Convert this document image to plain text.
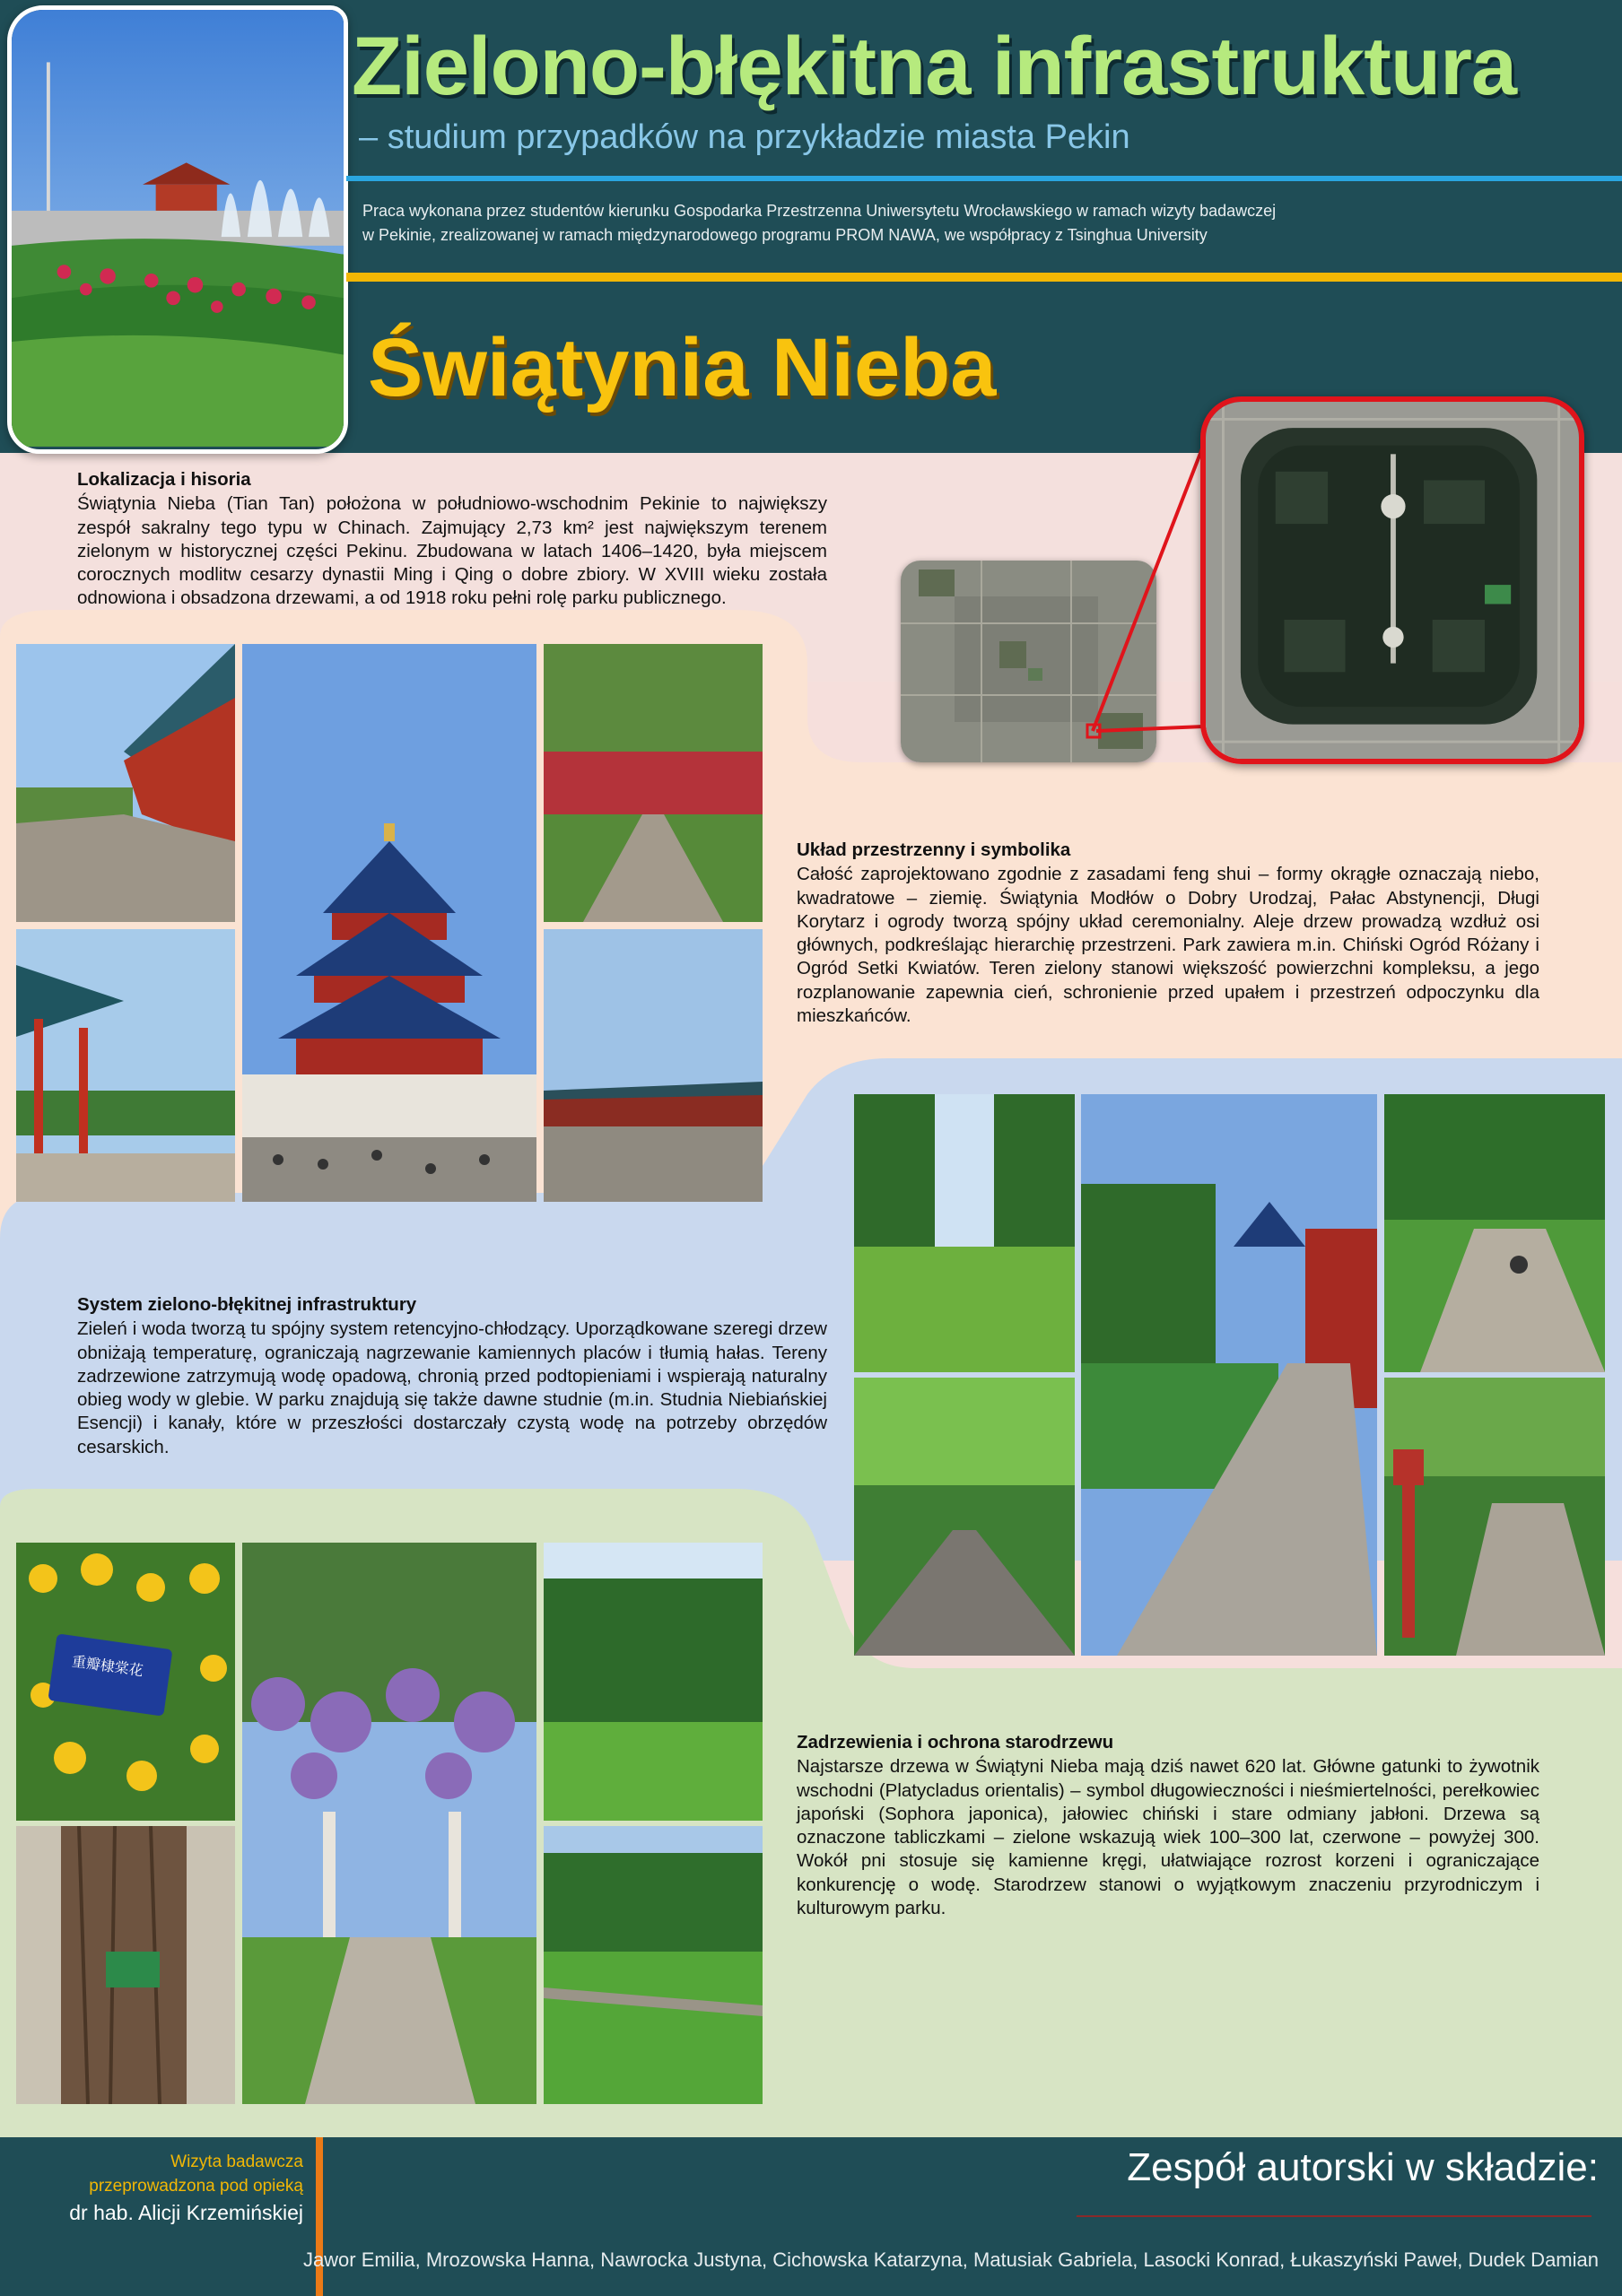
Zielono-błękitna infrastruktura
– studium przypadków na przykładzie miasta Pekin
Praca wykonana przez studentów kierunku Gospodarka Przestrzenna Uniwersytetu Wrocławskiego w ramach wizyty badawczej
w Pekinie, zrealizowanej w ramach międzynarodowego programu PROM NAWA, we współpracy z Tsinghua University
Świątynia Nieba
Lokalizacja i hisoria

Świątynia Nieba (Tian Tan) położona w południowo-wschodnim Pekinie to największy zespół sakralny tego typu w Chinach. Zajmujący 2,73 km² jest największym terenem zielonym w historycznej części Pekinu. Zbudowana w latach 1406–1420, była miejscem corocznych modlitw cesarzy dynastii Ming i Qing o dobre zbiory. W XVIII wieku została odnowiona i obsadzona drzewami, a od 1918 roku pełni rolę parku publicznego.

Układ przestrzenny i symbolika

Całość zaprojektowano zgodnie z zasadami feng shui – formy okrągłe oznaczają niebo, kwadratowe – ziemię. Świątynia Modłów o Dobry Urodzaj, Pałac Abstynencji, Długi Korytarz i ogrody tworzą spójny układ ceremonialny. Aleje drzew prowadzą wzdłuż osi głównych, podkreślając hierarchię przestrzeni. Park zawiera m.in. Chiński Ogród Różany i Ogród Setki Kwiatów. Teren zielony stanowi większość powierzchni kompleksu, a jego rozplanowanie zapewnia cień, schronienie przed upałem i przestrzeń odpoczynku dla mieszkańców.

System zielono-błękitnej infrastruktury

Zieleń i woda tworzą tu spójny system retencyjno-chłodzący. Uporządkowane szeregi drzew obniżają temperaturę, ograniczają nagrzewanie kamiennych placów i tłumią hałas. Tereny zadrzewione zatrzymują wodę opadową, chronią przed podtopieniami i wspierają naturalny obieg wody w glebie. W parku znajdują się także dawne studnie (m.in. Studnia Niebiańskiej Esencji) i kanały, które w przeszłości dostarczały czystą wodę na potrzeby obrzędów cesarskich.

重瓣棣棠花
Zadrzewienia i ochrona starodrzewu

Najstarsze drzewa w Świątyni Nieba mają dziś nawet 620 lat. Główne gatunki to żywotnik wschodni (Platycladus orientalis) – symbol długowieczności i nieśmiertelności, perełkowiec japoński (Sophora japonica), jałowiec chiński i stare odmiany jabłoni. Drzewa są oznaczone tabliczkami – zielone wskazują wiek 100–300 lat, czerwone – powyżej 300. Wokół pni stosuje się kamienne kręgi, ułatwiające rozrost korzeni i ograniczające konkurencję o wodę. Starodrzew stanowi o wyjątkowym znaczeniu przyrodniczym i kulturowym parku.

Wizyta badawcza
przeprowadzona pod opieką
dr hab. Alicji Krzemińskiej
Zespół autorski w składzie:
Jawor Emilia, Mrozowska Hanna, Nawrocka Justyna, Cichowska Katarzyna, Matusiak Gabriela, Lasocki Konrad, Łukaszyński Paweł, Dudek Damian
